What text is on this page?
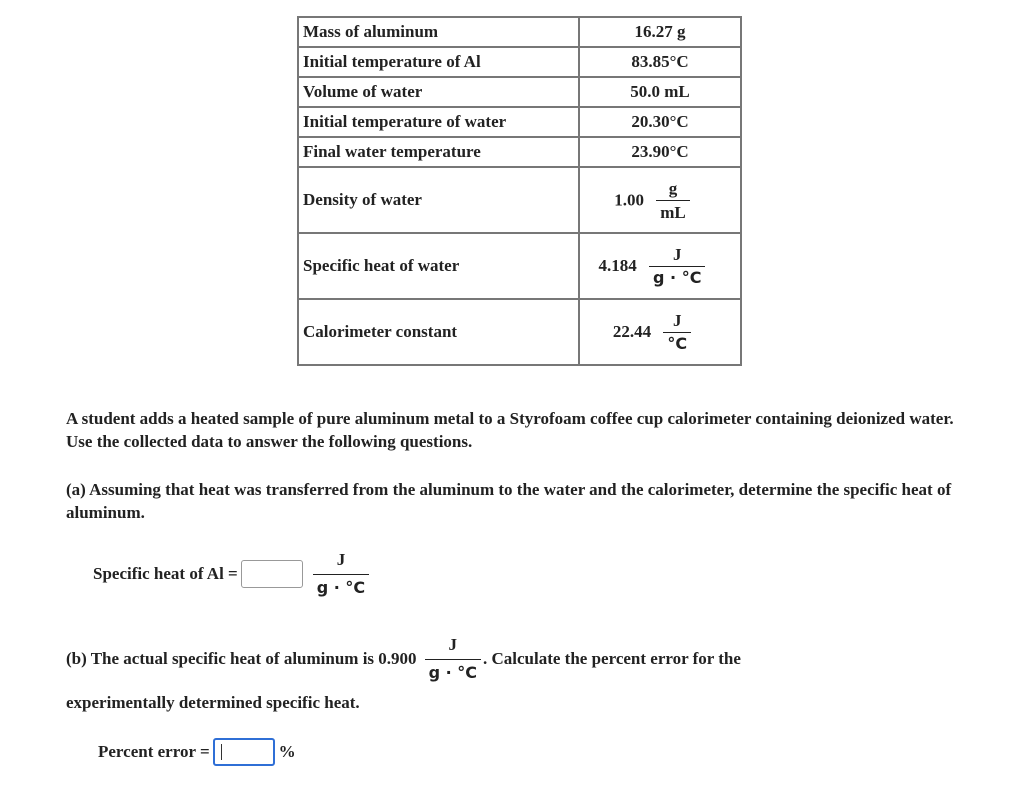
Mass of aluminum	16.27 g
Initial temperature of Al	83.85°C
Volume of water	50.0 mL
Initial temperature of water	20.30°C
Final water temperature	23.90°C
Density of water	$1.00 \frac{g}{mL}$

Specific heat of water	$4.184 \frac{J}{g \cdot ^\circ C}$

Calorimeter constant	$22.44 \frac{J}{^\circ C}$
A student adds a heated sample of pure aluminum metal to a Styrofoam coffee cup calorimeter containing deionized water. Use the collected data to answer the following questions.
(a) Assuming that heat was transferred from the aluminum to the water and the calorimeter, determine the specific heat of aluminum.
Specific heat of Al =	$\frac{J}{g \cdot ^\circ C}$
(b) The actual specific heat of aluminum is $0.900 \frac{J}{g \cdot ^\circ C}$ . Calculate the percent error for the
experimentally determined specific heat.
Percent error =	%
